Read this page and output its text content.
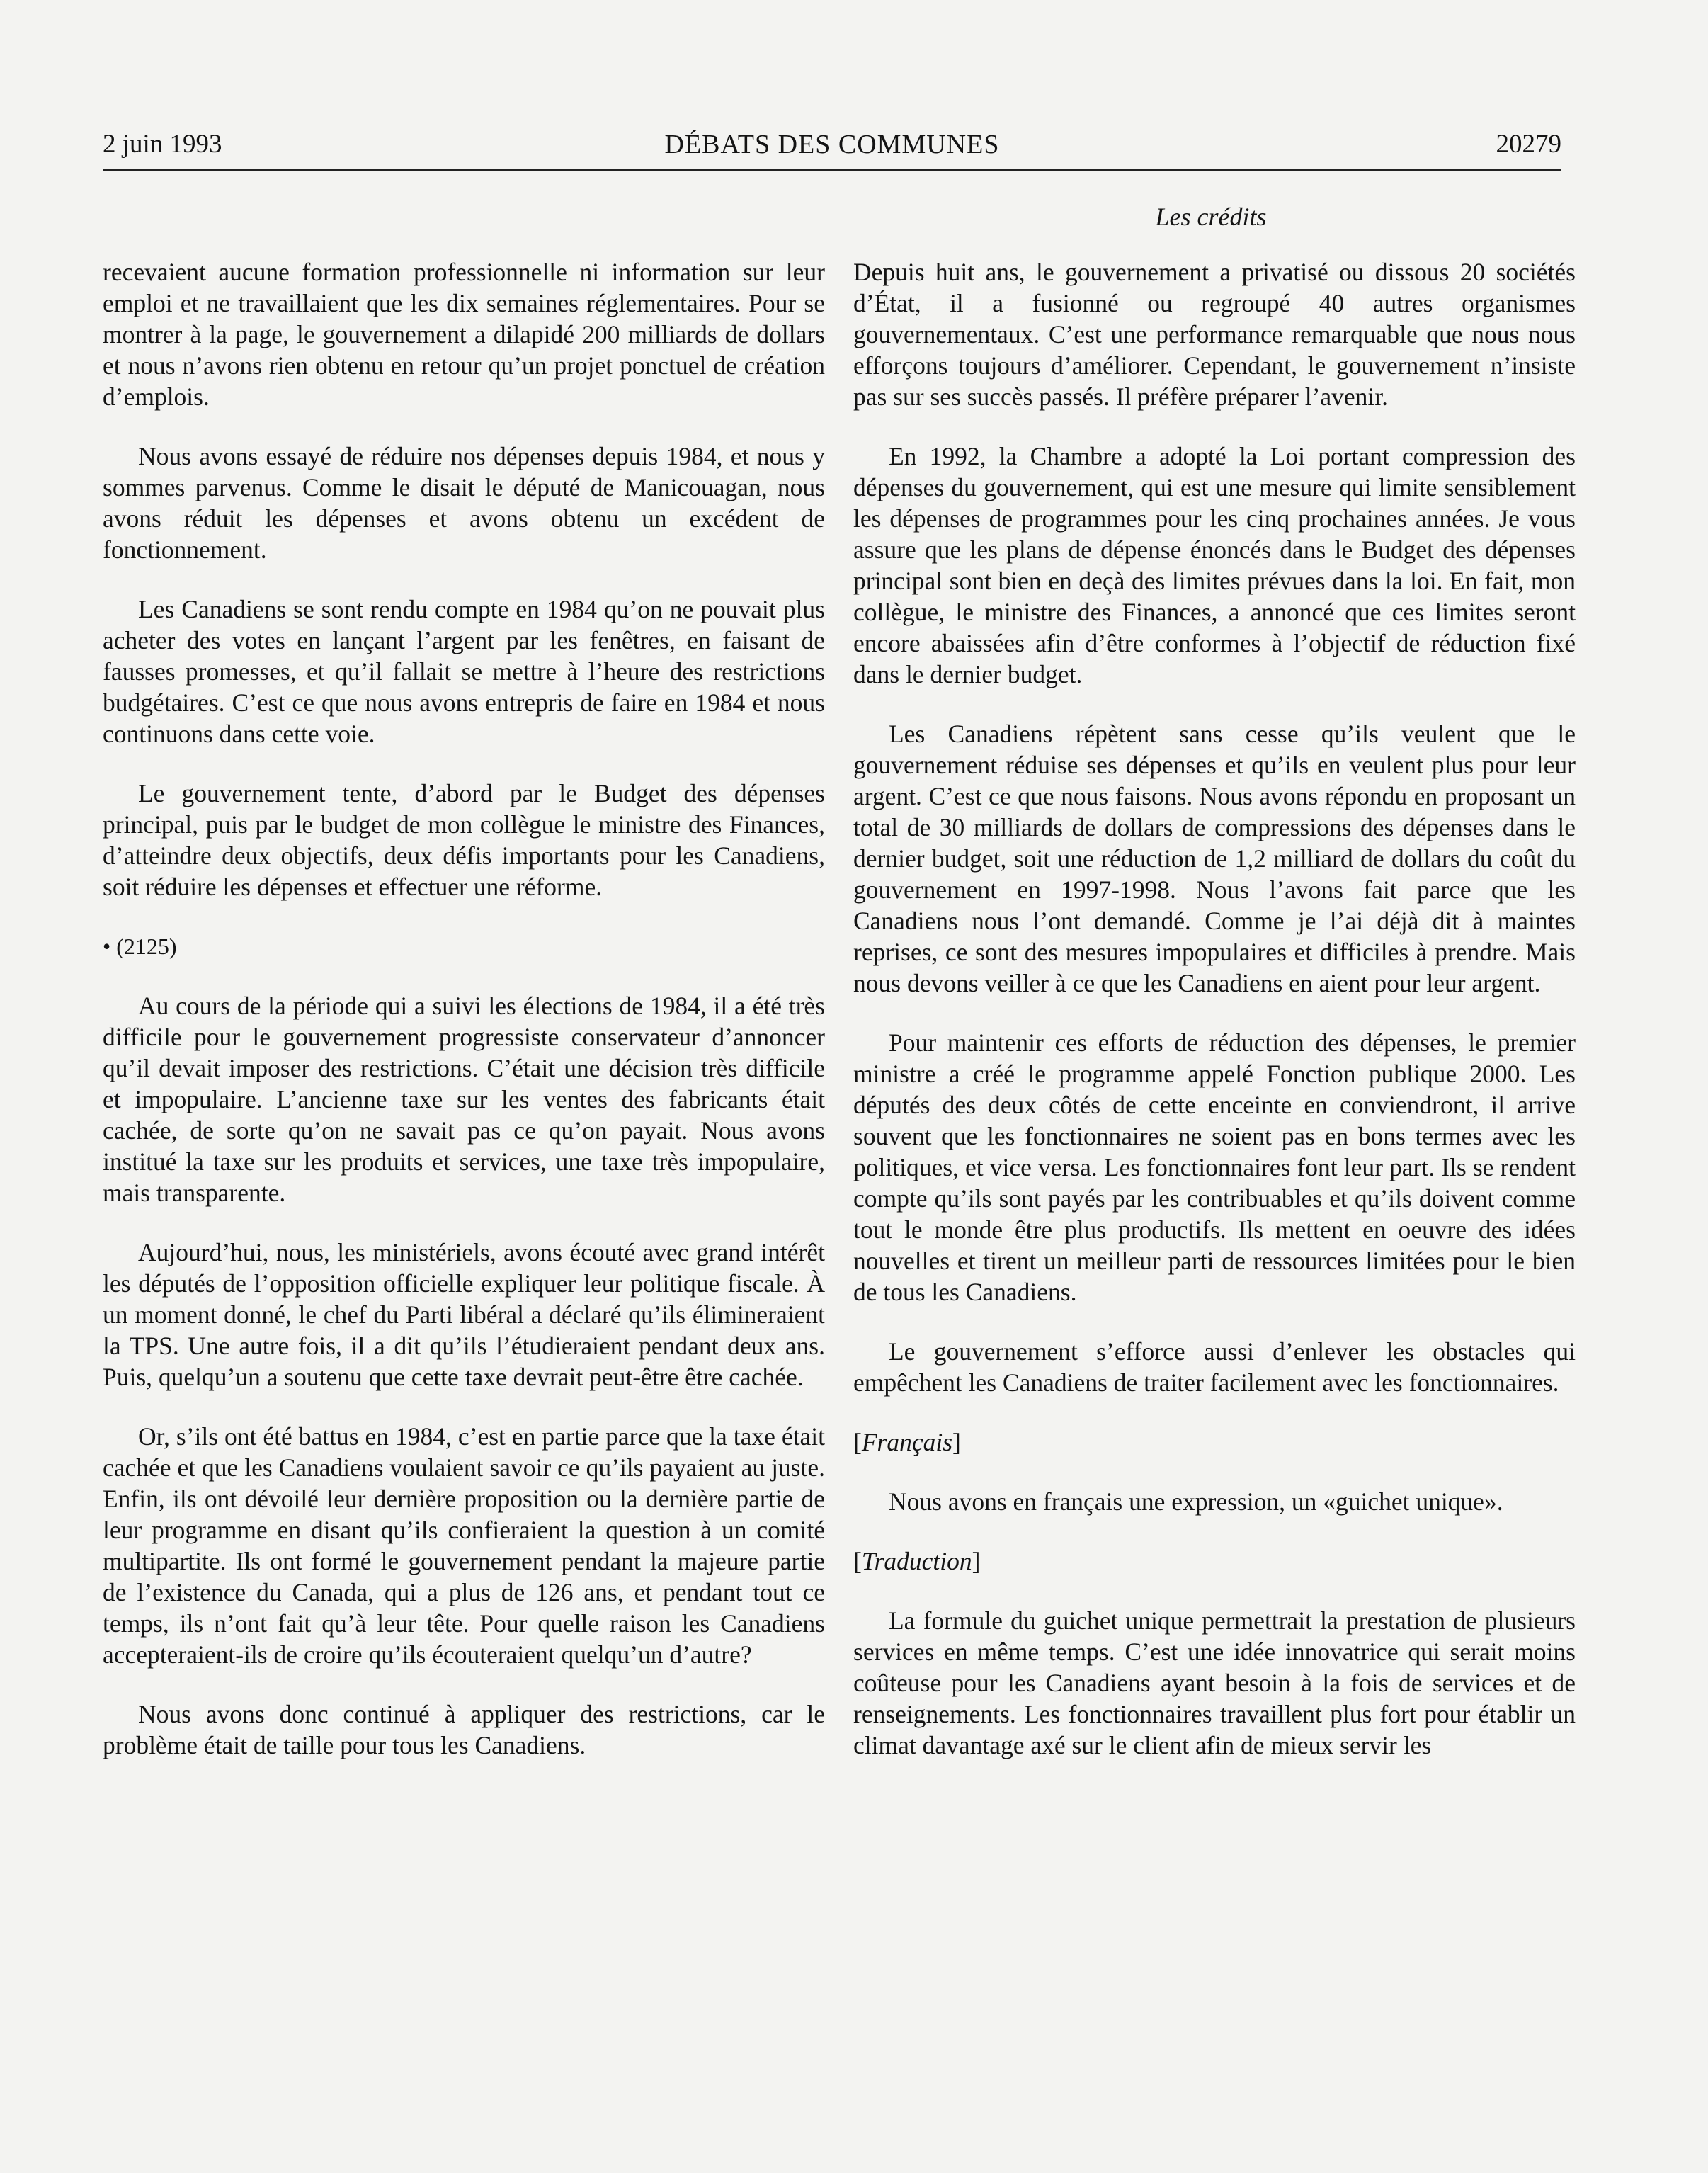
2 juin 1993	DÉBATS DES COMMUNES	20279
Les crédits

recevaient aucune formation professionnelle ni information sur leur emploi et ne travaillaient que les dix semaines réglementaires. Pour se montrer à la page, le gouvernement a dilapidé 200 milliards de dollars et nous n’avons rien obtenu en retour qu’un projet ponctuel de création d’emplois.

Nous avons essayé de réduire nos dépenses depuis 1984, et nous y sommes parvenus. Comme le disait le député de Manicouagan, nous avons réduit les dépenses et avons obtenu un excédent de fonctionnement.

Les Canadiens se sont rendu compte en 1984 qu’on ne pouvait plus acheter des votes en lançant l’argent par les fenêtres, en faisant de fausses promesses, et qu’il fallait se mettre à l’heure des restrictions budgétaires. C’est ce que nous avons entrepris de faire en 1984 et nous continuons dans cette voie.

Le gouvernement tente, d’abord par le Budget des dépenses principal, puis par le budget de mon collègue le ministre des Finances, d’atteindre deux objectifs, deux défis importants pour les Canadiens, soit réduire les dépenses et effectuer une réforme.

• (2125)

Au cours de la période qui a suivi les élections de 1984, il a été très difficile pour le gouvernement progressiste conservateur d’annoncer qu’il devait imposer des restrictions. C’était une décision très difficile et impopulaire. L’ancienne taxe sur les ventes des fabricants était cachée, de sorte qu’on ne savait pas ce qu’on payait. Nous avons institué la taxe sur les produits et services, une taxe très impopulaire, mais transparente.

Aujourd’hui, nous, les ministériels, avons écouté avec grand intérêt les députés de l’opposition officielle expliquer leur politique fiscale. À un moment donné, le chef du Parti libéral a déclaré qu’ils élimineraient la TPS. Une autre fois, il a dit qu’ils l’étudieraient pendant deux ans. Puis, quelqu’un a soutenu que cette taxe devrait peut-être être cachée.

Or, s’ils ont été battus en 1984, c’est en partie parce que la taxe était cachée et que les Canadiens voulaient savoir ce qu’ils payaient au juste. Enfin, ils ont dévoilé leur dernière proposition ou la dernière partie de leur programme en disant qu’ils confieraient la question à un comité multipartite. Ils ont formé le gouvernement pendant la majeure partie de l’existence du Canada, qui a plus de 126 ans, et pendant tout ce temps, ils n’ont fait qu’à leur tête. Pour quelle raison les Canadiens accepteraient-ils de croire qu’ils écouteraient quelqu’un d’autre?

Nous avons donc continué à appliquer des restrictions, car le problème était de taille pour tous les Canadiens.

Depuis huit ans, le gouvernement a privatisé ou dissous 20 sociétés d’État, il a fusionné ou regroupé 40 autres organismes gouvernementaux. C’est une performance remarquable que nous nous efforçons toujours d’améliorer. Cependant, le gouvernement n’insiste pas sur ses succès passés. Il préfère préparer l’avenir.

En 1992, la Chambre a adopté la Loi portant compression des dépenses du gouvernement, qui est une mesure qui limite sensiblement les dépenses de programmes pour les cinq prochaines années. Je vous assure que les plans de dépense énoncés dans le Budget des dépenses principal sont bien en deçà des limites prévues dans la loi. En fait, mon collègue, le ministre des Finances, a annoncé que ces limites seront encore abaissées afin d’être conformes à l’objectif de réduction fixé dans le dernier budget.

Les Canadiens répètent sans cesse qu’ils veulent que le gouvernement réduise ses dépenses et qu’ils en veulent plus pour leur argent. C’est ce que nous faisons. Nous avons répondu en proposant un total de 30 milliards de dollars de compressions des dépenses dans le dernier budget, soit une réduction de 1,2 milliard de dollars du coût du gouvernement en 1997-1998. Nous l’avons fait parce que les Canadiens nous l’ont demandé. Comme je l’ai déjà dit à maintes reprises, ce sont des mesures impopulaires et difficiles à prendre. Mais nous devons veiller à ce que les Canadiens en aient pour leur argent.

Pour maintenir ces efforts de réduction des dépenses, le premier ministre a créé le programme appelé Fonction publique 2000. Les députés des deux côtés de cette enceinte en conviendront, il arrive souvent que les fonctionnaires ne soient pas en bons termes avec les politiques, et vice versa. Les fonctionnaires font leur part. Ils se rendent compte qu’ils sont payés par les contribuables et qu’ils doivent comme tout le monde être plus productifs. Ils mettent en oeuvre des idées nouvelles et tirent un meilleur parti de ressources limitées pour le bien de tous les Canadiens.

Le gouvernement s’efforce aussi d’enlever les obstacles qui empêchent les Canadiens de traiter facilement avec les fonctionnaires.

[Français]

Nous avons en français une expression, un «guichet unique».

[Traduction]

La formule du guichet unique permettrait la prestation de plusieurs services en même temps. C’est une idée innovatrice qui serait moins coûteuse pour les Canadiens ayant besoin à la fois de services et de renseignements. Les fonctionnaires travaillent plus fort pour établir un climat davantage axé sur le client afin de mieux servir les
